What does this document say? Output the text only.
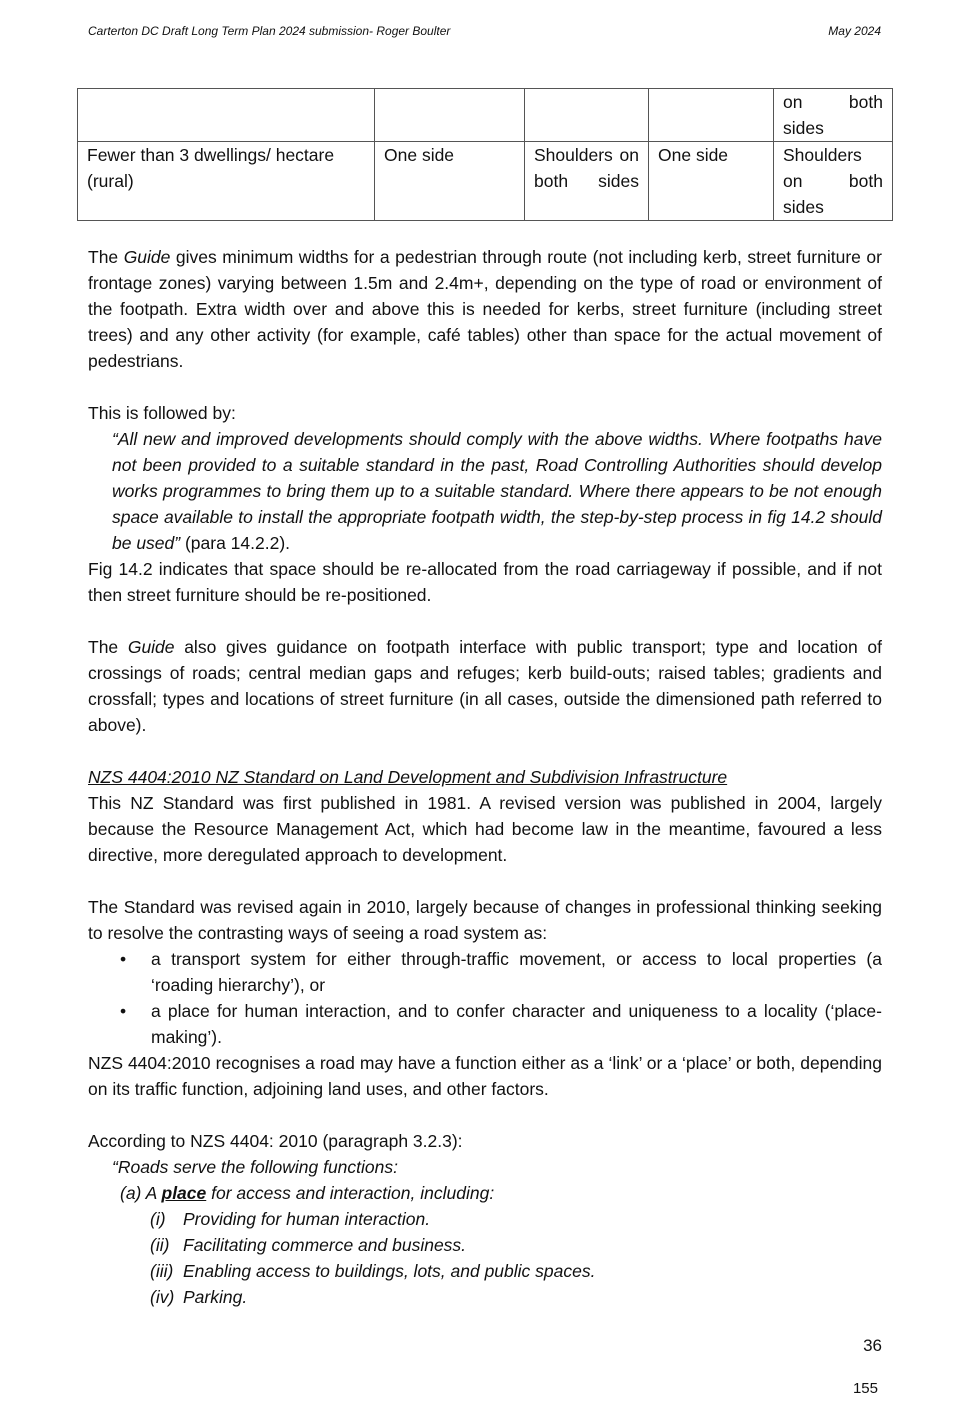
Carterton DC Draft Long Term Plan 2024 submission- Roger Boulter	May 2024
				on both sides
Fewer than 3 dwellings/ hectare (rural)	One side	Shoulders on both sides	One side	Shoulders on both sides

The Guide gives minimum widths for a pedestrian through route (not including kerb, street furniture or frontage zones) varying between 1.5m and 2.4m+, depending on the type of road or environment of the footpath. Extra width over and above this is needed for kerbs, street furniture (including street trees) and any other activity (for example, café tables) other than space for the actual movement of pedestrians.

This is followed by:

“All new and improved developments should comply with the above widths. Where footpaths have not been provided to a suitable standard in the past, Road Controlling Authorities should develop works programmes to bring them up to a suitable standard. Where there appears to be not enough space available to install the appropriate footpath width, the step-by-step process in fig 14.2 should be used” (para 14.2.2).

Fig 14.2 indicates that space should be re-allocated from the road carriageway if possible, and if not then street furniture should be re-positioned.

The Guide also gives guidance on footpath interface with public transport; type and location of crossings of roads; central median gaps and refuges; kerb build-outs; raised tables; gradients and crossfall; types and locations of street furniture (in all cases, outside the dimensioned path referred to above).

NZS 4404:2010 NZ Standard on Land Development and Subdivision Infrastructure

This NZ Standard was first published in 1981. A revised version was published in 2004, largely because the Resource Management Act, which had become law in the meantime, favoured a less directive, more deregulated approach to development.

The Standard was revised again in 2010, largely because of changes in professional thinking seeking to resolve the contrasting ways of seeing a road system as:

• a transport system for either through-traffic movement, or access to local properties (a ‘roading hierarchy’), or
• a place for human interaction, and to confer character and uniqueness to a locality (‘place-making’).

NZS 4404:2010 recognises a road may have a function either as a ‘link’ or a ‘place’ or both, depending on its traffic function, adjoining land uses, and other factors.

According to NZS 4404: 2010 (paragraph 3.2.3):

“Roads serve the following functions:

(a) A place for access and interaction, including:

(i) Providing for human interaction.

(ii) Facilitating commerce and business.

(iii) Enabling access to buildings, lots, and public spaces.

(iv) Parking.

36
155
